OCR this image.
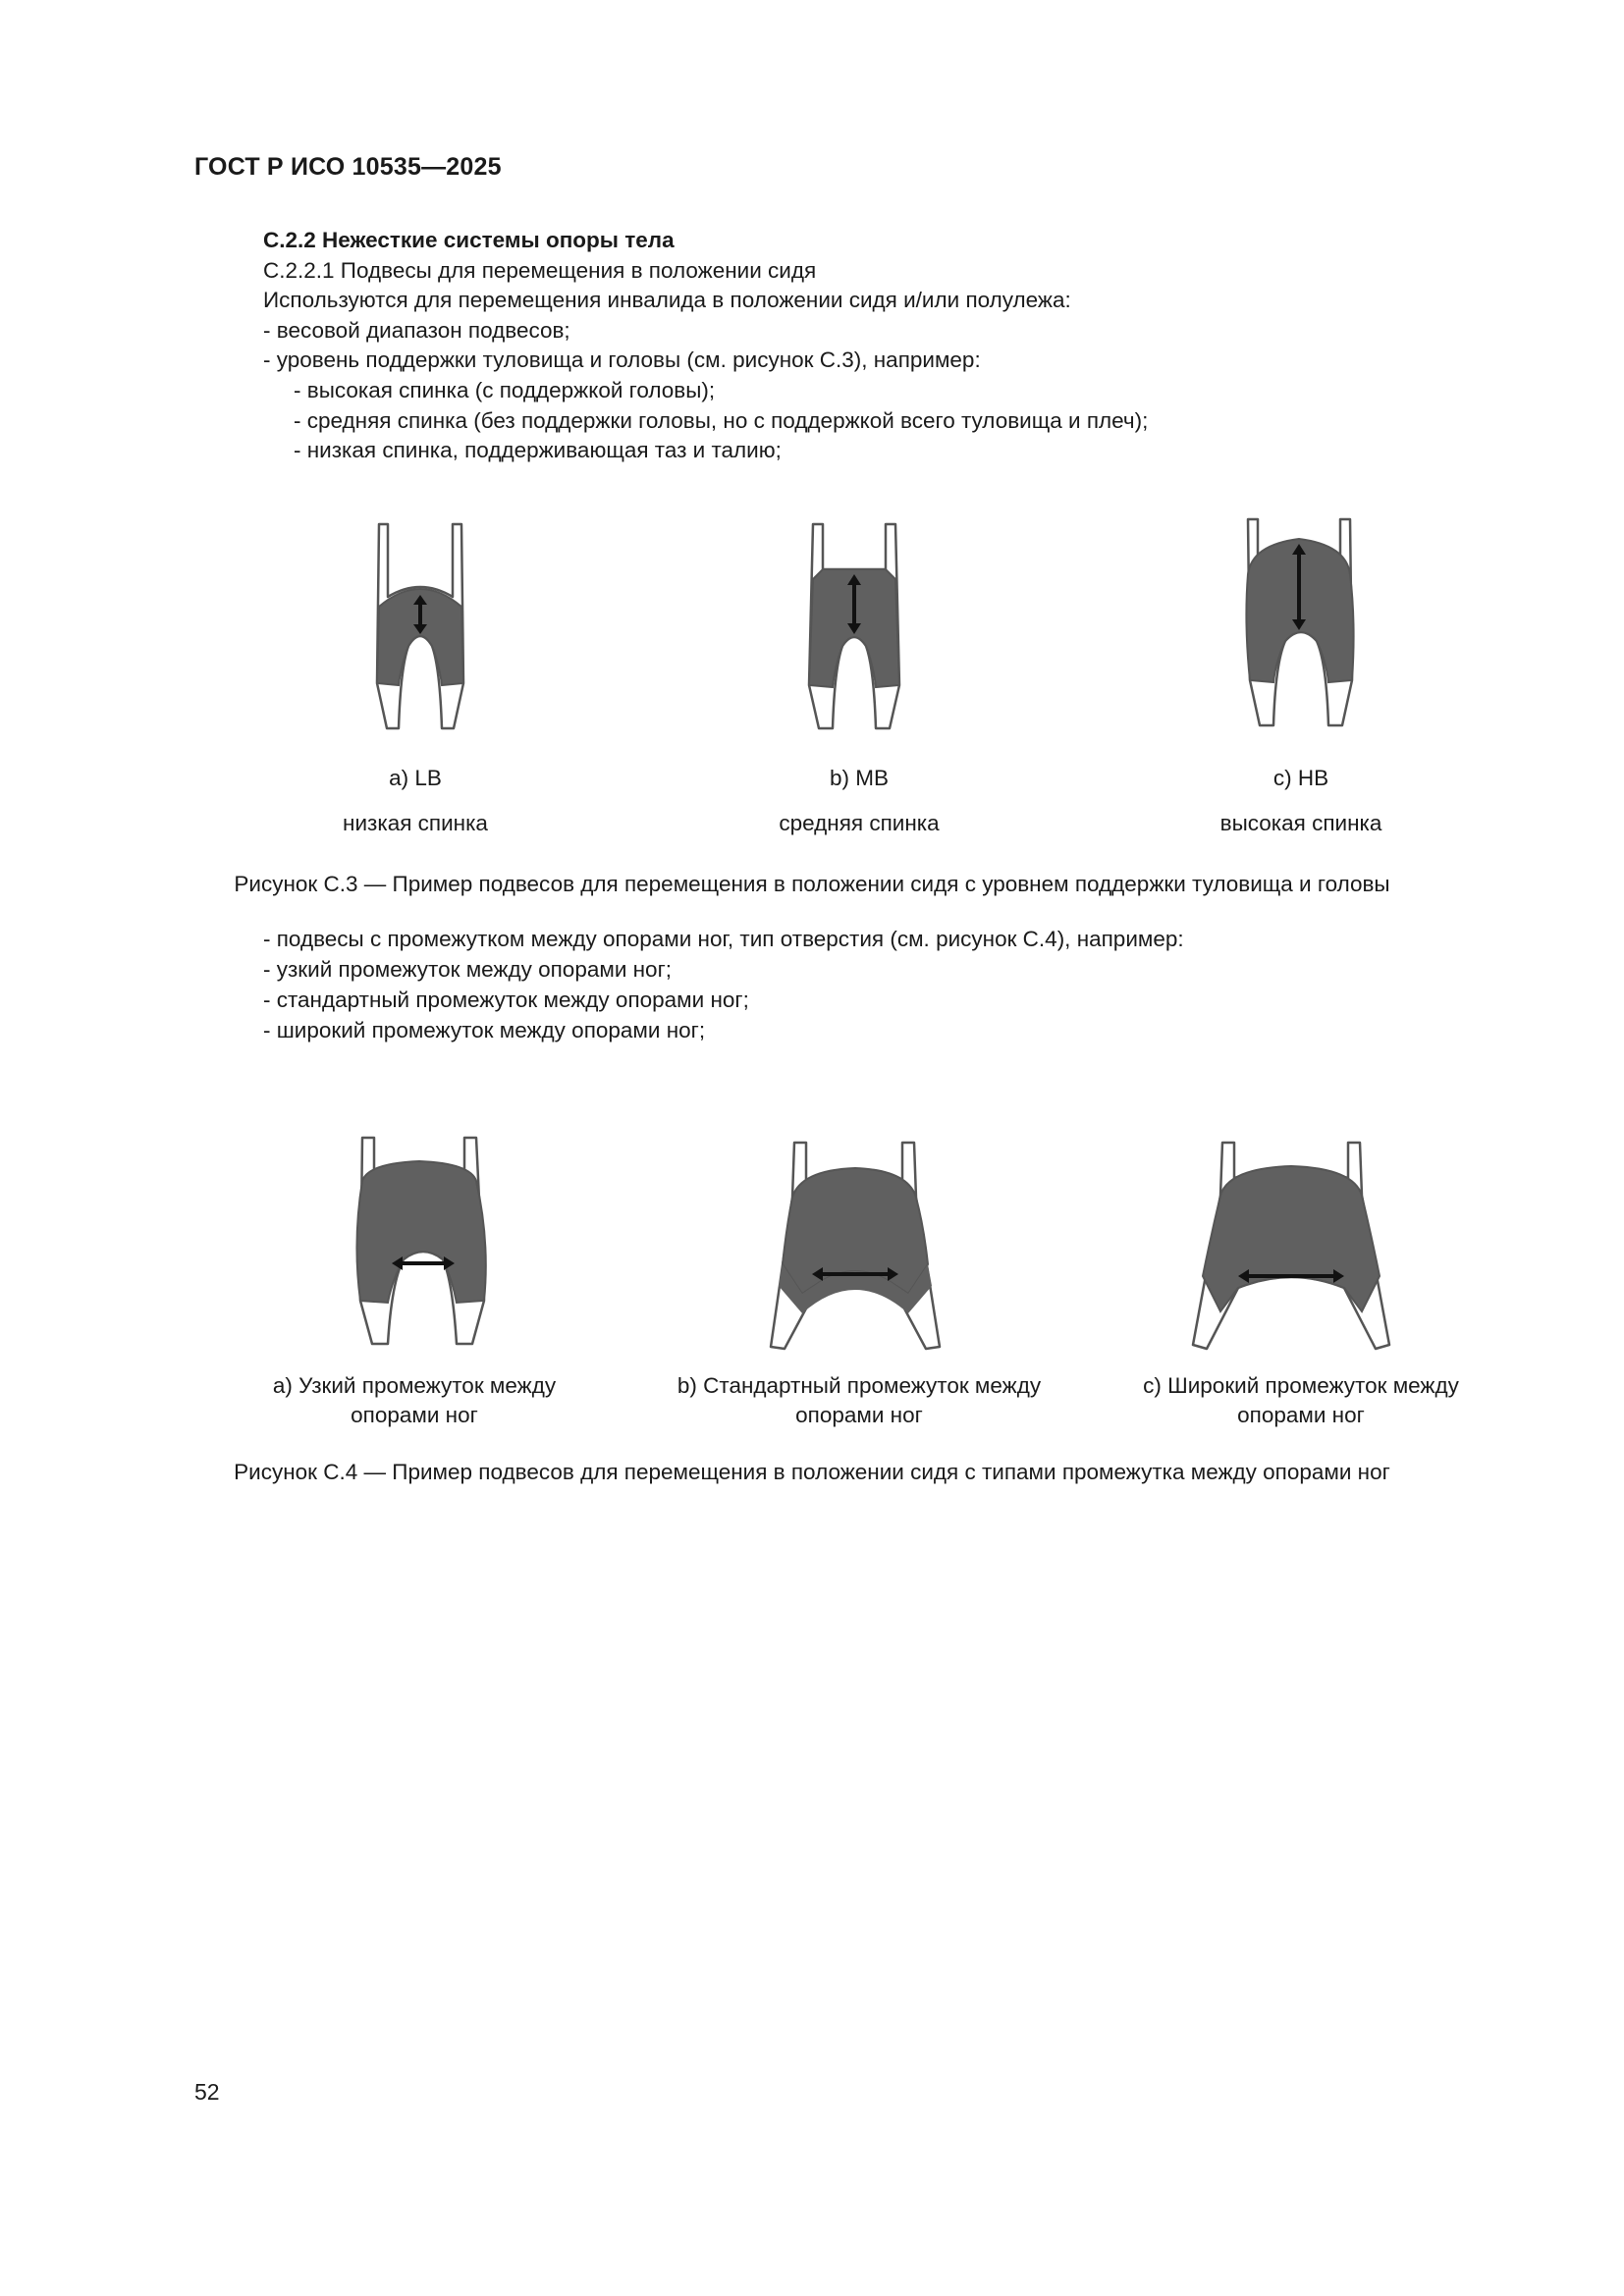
ГОСТ Р ИСО 10535—2025
С.2.2 Нежесткие системы опоры тела
С.2.2.1 Подвесы для перемещения в положении сидя
Используются для перемещения инвалида в положении сидя и/или полулежа:
- весовой диапазон подвесов;
- уровень поддержки туловища и головы (см. рисунок С.3), например:
- высокая спинка (с поддержкой головы);
- средняя спинка (без поддержки головы, но с поддержкой всего туловища и плеч);
- низкая спинка, поддерживающая таз и талию;
a) LB
низкая спинка
b) MB
средняя спинка
c) HB
высокая спинка
Рисунок С.3 — Пример подвесов для перемещения в положении сидя с уровнем поддержки туловища и головы
- подвесы с промежутком между опорами ног, тип отверстия (см. рисунок С.4), например:
- узкий промежуток между опорами ног;
- стандартный промежуток между опорами ног;
- широкий промежуток между опорами ног;
a) Узкий промежуток между
опорами ног
b) Стандартный промежуток между
опорами ног
c) Широкий промежуток между
опорами ног
Рисунок С.4 — Пример подвесов для перемещения в положении сидя с типами промежутка между опорами ног
52
